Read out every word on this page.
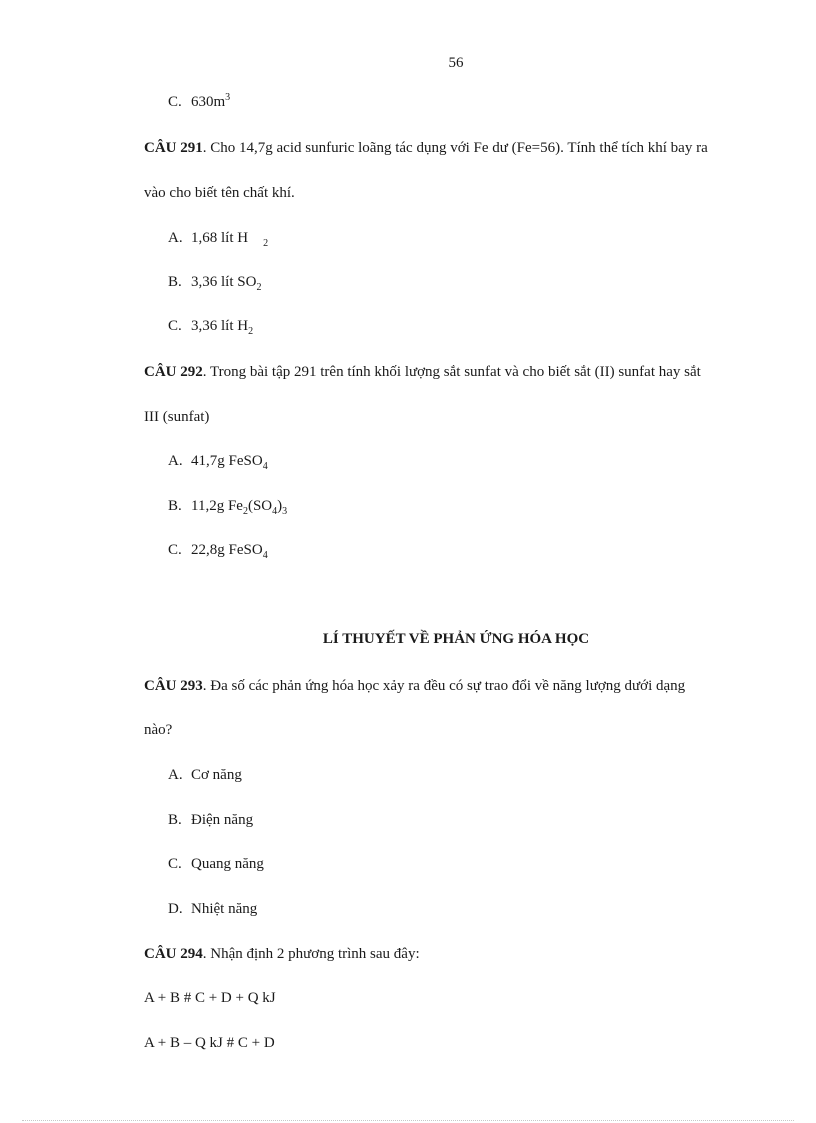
56
C. $630m^3$
CÂU 291. Cho 14,7g acid sunfuric loãng tác dụng với Fe dư (Fe=56). Tính thể tích khí bay ra
vào cho biết tên chất khí.
A. 1,68 lít H $_2$
B. 3,36 lít $SO_2$
C. 3,36 lít $H_2$
CÂU 292. Trong bài tập 291 trên tính khối lượng sắt sunfat và cho biết sắt (II) sunfat hay sắt
III (sunfat)
A. 41,7g FeSO$_4$
B. 11,2g $Fe_2(SO_4)_3$
C. 22,8g FeSO$_4$
LÍ THUYẾT VỀ PHẢN ỨNG HÓA HỌC
CÂU 293. Đa số các phản ứng hóa học xảy ra đều có sự trao đổi về năng lượng dưới dạng
nào?
A. Cơ năng
B. Điện năng
C. Quang năng
D. Nhiệt năng
CÂU 294. Nhận định 2 phương trình sau đây:
A + B # C + D + Q kJ
A + B – Q kJ # C + D
